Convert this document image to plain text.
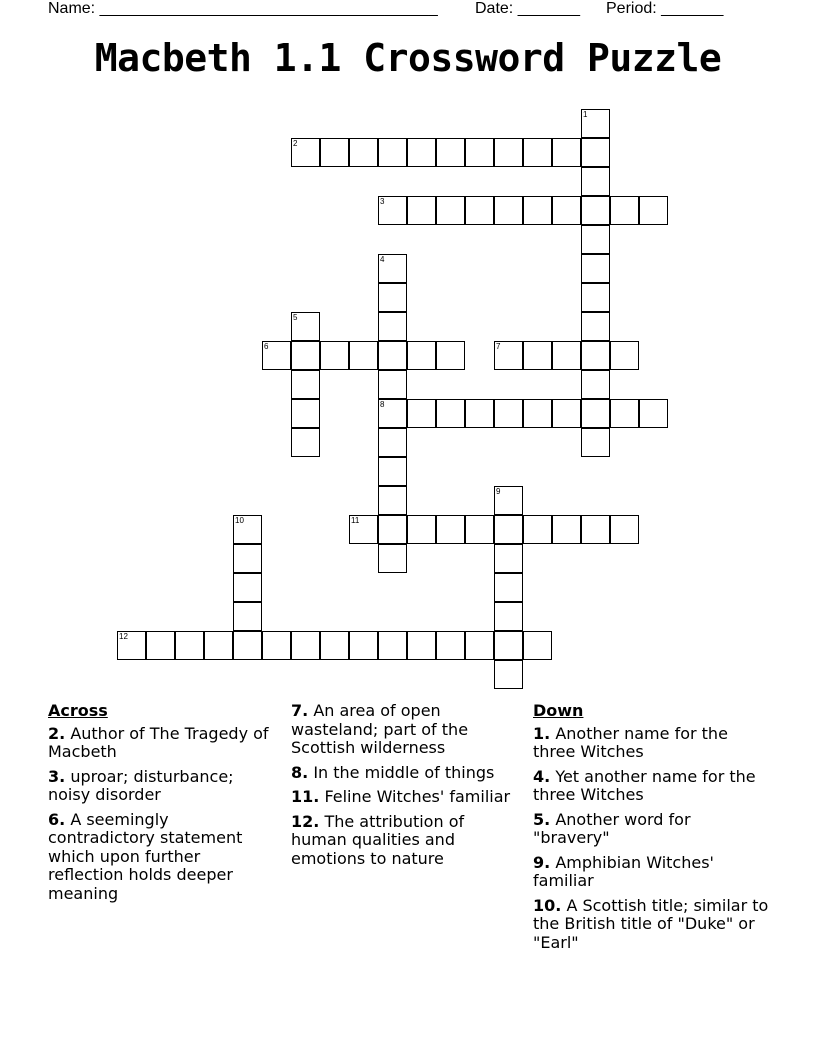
Name: ______________________________________ Date: _______ Period: _______
Macbeth 1.1 Crossword Puzzle
1
2
3
4
8
5
6	7
9
10	11
12
Across

2. Author of The Tragedy of Macbeth

3. uproar; disturbance; noisy disorder

6. A seemingly contradictory statement which upon further reflection holds deeper meaning

7. An area of open wasteland; part of the Scottish wilderness

8. In the middle of things

11. Feline Witches' familiar

12. The attribution of human qualities and emotions to nature

Down

1. Another name for the three Witches

4. Yet another name for the three Witches

5. Another word for "bravery"

9. Amphibian Witches' familiar

10. A Scottish title; similar to the British title of "Duke" or "Earl"
